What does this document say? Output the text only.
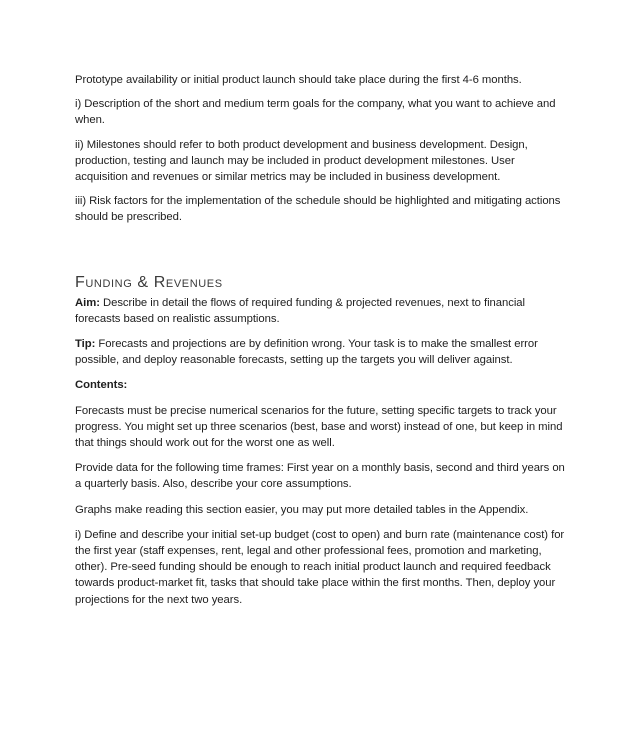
Prototype availability or initial product launch should take place during the first 4-6 months.

i) Description of the short and medium term goals for the company, what you want to achieve and when.

ii) Milestones should refer to both product development and business development. Design, production, testing and launch may be included in product development milestones. User acquisition and revenues or similar metrics may be included in business development.

iii) Risk factors for the implementation of the schedule should be highlighted and mitigating actions should be prescribed.

Funding & Revenues

Aim: Describe in detail the flows of required funding & projected revenues, next to financial forecasts based on realistic assumptions.

Tip: Forecasts and projections are by definition wrong. Your task is to make the smallest error possible, and deploy reasonable forecasts, setting up the targets you will deliver against.

Contents:

Forecasts must be precise numerical scenarios for the future, setting specific targets to track your progress. You might set up three scenarios (best, base and worst) instead of one, but keep in mind that things should work out for the worst one as well.

Provide data for the following time frames: First year on a monthly basis, second and third years on a quarterly basis. Also, describe your core assumptions.

Graphs make reading this section easier, you may put more detailed tables in the Appendix.

i) Define and describe your initial set-up budget (cost to open) and burn rate (maintenance cost) for the first year (staff expenses, rent, legal and other professional fees, promotion and marketing, other). Pre-seed funding should be enough to reach initial product launch and required feedback towards product-market fit, tasks that should take place within the first months. Then, deploy your projections for the next two years.
